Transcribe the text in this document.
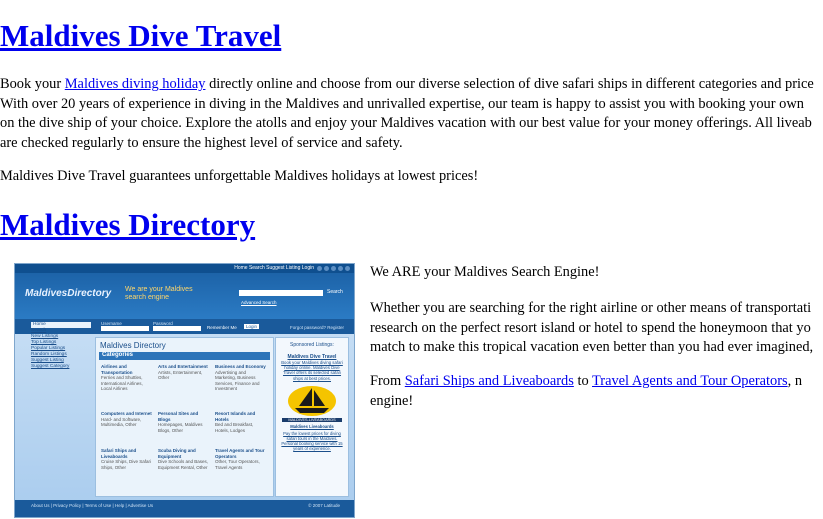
Maldives Dive Travel
Book your Maldives diving holiday directly online and choose from our diverse selection of dive safari ships in different categories and price
With over 20 years of experience in diving in the Maldives and unrivalled expertise, our team is happy to assist you with booking your own
on the dive ship of your choice. Explore the atolls and enjoy your Maldives vacation with our best value for your money offerings. All liveab
are checked regularly to ensure the highest level of service and safety.
Maldives Dive Travel guarantees unforgettable Maldives holidays at lowest prices!
Maldives Directory
Home Search Suggest Listing Login
MaldivesDirectory We are your Maldives
search engine
Search
Advanced Search
Username	Password
Remember Me	Login	Forgot password? Register
Home
Search
New Listings
Top Listings
Popular Listings
Random Listings
Suggest Listing
Suggest Category
Maldives Directory
Categories
Airlines and Transportation
Ferries and Shuttles, International Airlines, Local Airlines
Arts and Entertainment
Artists, Entertainment, Other
Business and Economy
Advertising and Marketing, Business Services, Finance and Investment
Computers and Internet
Hard- and Software, Multimedia, Other
Personal Sites and Blogs
Homepages, Maldives Blogs, Other
Resort Islands and Hotels
Bed and Breakfast, Hotels, Lodges
Safari Ships and Liveaboards
Cruise Ships, Dive Safari Ships, Other
Scuba Diving and Equipment
Dive Schools and Bases, Equipment Rental, Other
Travel Agents and Tour Operators
Other, Tour Operators, Travel Agents
Sponsored Listings:
Maldives Dive Travel
Book your Maldives diving safari holiday online. Maldives Dive Travel offers its selected safari ships at best prices.
MALDIVES-LIVEABOARDS
Maldives Liveaboards
Pay the lowest prices for diving safari tours in the Maldives. Personal booking service with 15 years of experience.
About Us | Privacy Policy | Terms of Use | Help | Advertise Us	© 2007 Latitude
We ARE your Maldives Search Engine!
Whether you are searching for the right airline or other means of transportati
research on the perfect resort island or hotel to spend the honeymoon that yo
match to make this tropical vacation even better than you had ever imagined,
From Safari Ships and Liveaboards to Travel Agents and Tour Operators, n
engine!
